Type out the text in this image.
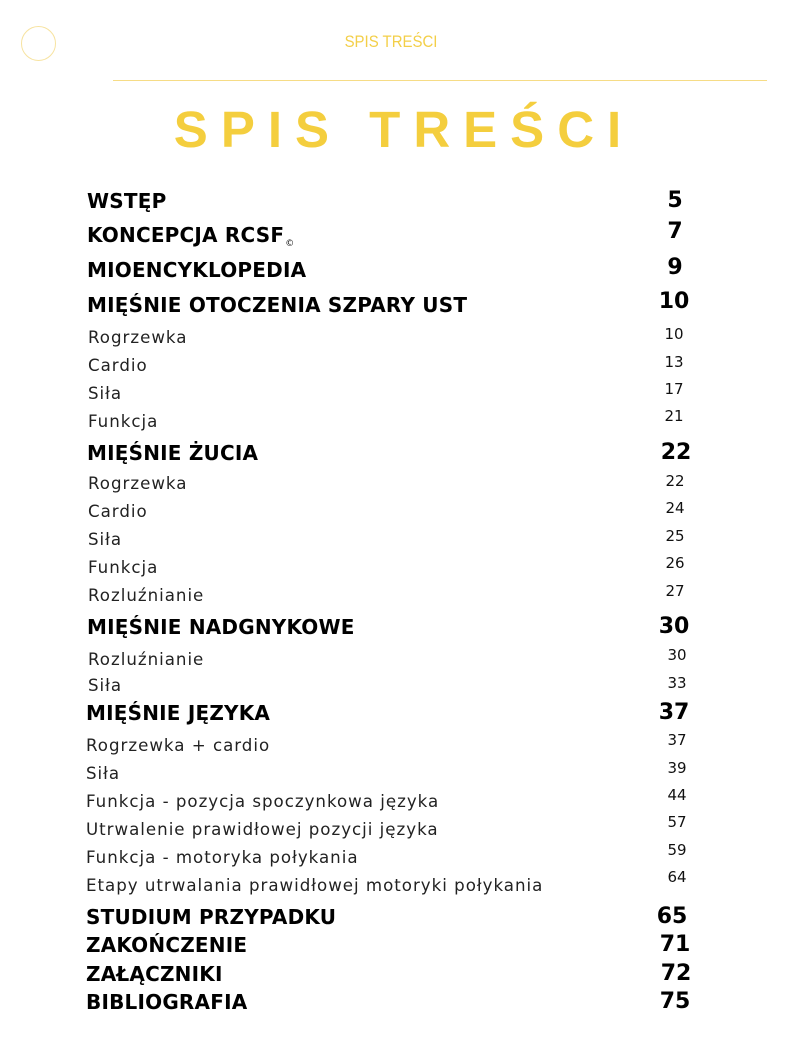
SPIS TREŚCI
SPIS TREŚCI
WSTĘP	5
KONCEPCJA $RCSF_©$	7
MIOENCYKLOPEDIA	9
MIĘŚNIE OTOCZENIA SZPARY UST	10
Rogrzewka	10
Cardio	13
Siła	17
Funkcja	21
MIĘŚNIE ŻUCIA	22
Rogrzewka	22
Cardio	24
Siła	25
Funkcja	26
Rozluźnianie	27
MIĘŚNIE NADGNYKOWE	30
Rozluźnianie	30
Siła	33
MIĘŚNIE JĘZYKA	37
Rogrzewka + cardio	37
Siła	39
Funkcja - pozycja spoczynkowa języka	44
Utrwalenie prawidłowej pozycji języka	57
Funkcja - motoryka połykania	59
Etapy utrwalania prawidłowej motoryki połykania	64
STUDIUM PRZYPADKU	65
ZAKOŃCZENIE	71
ZAŁĄCZNIKI	72
BIBLIOGRAFIA	75
